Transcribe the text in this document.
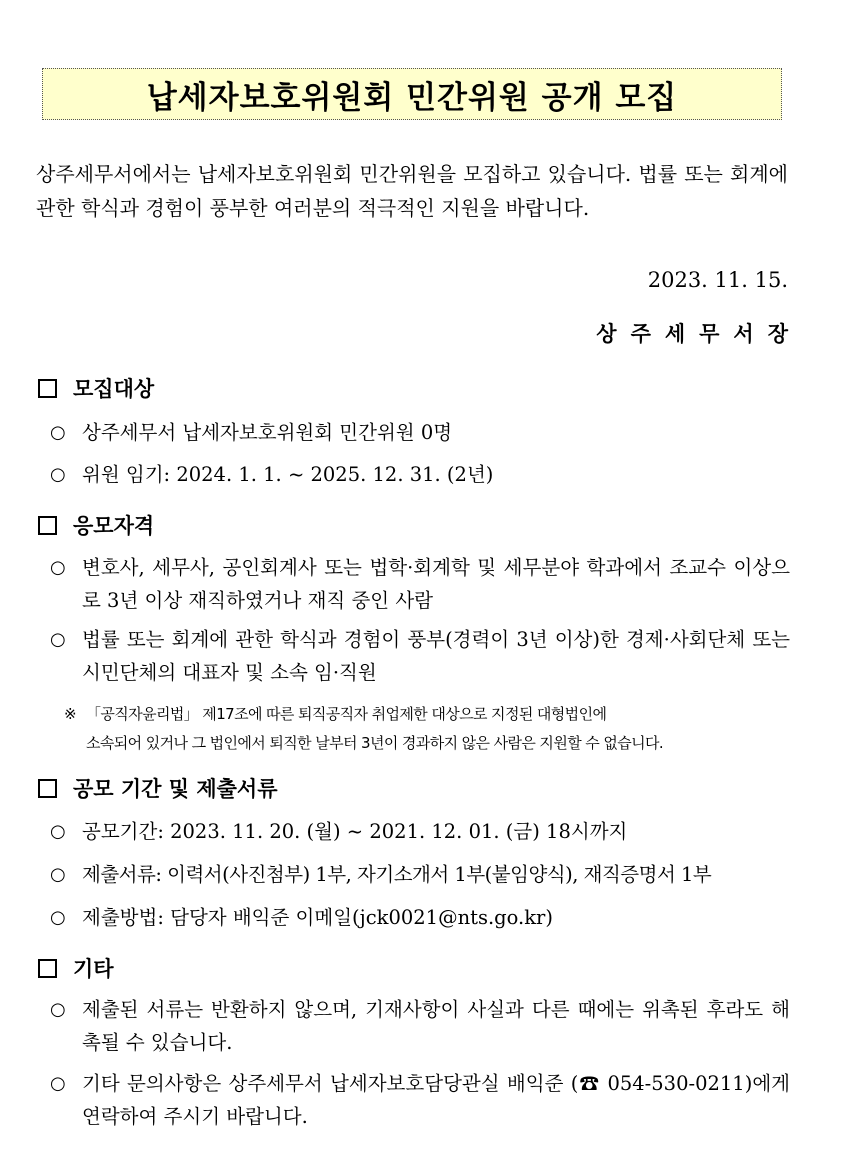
납세자보호위원회 민간위원 공개 모집

상주세무서에서는 납세자보호위원회 민간위원을 모집하고 있습니다. 법률 또는 회계에 관한 학식과 경험이 풍부한 여러분의 적극적인 지원을 바랍니다.

2023. 11. 15.
상주세무서장
모집대상
○ 상주세무서 납세자보호위원회 민간위원 0명
○ 위원 임기: 2024. 1. 1. ~ 2025. 12. 31. (2년)
응모자격
○ 변호사, 세무사, 공인회계사 또는 법학·회계학 및 세무분야 학과에서 조교수 이상으로 3년 이상 재직하였거나 재직 중인 사람
○ 법률 또는 회계에 관한 학식과 경험이 풍부(경력이 3년 이상)한 경제·사회단체 또는 시민단체의 대표자 및 소속 임·직원
※ 「공직자윤리법」 제17조에 따른 퇴직공직자 취업제한 대상으로 지정된 대형법인에
소속되어 있거나 그 법인에서 퇴직한 날부터 3년이 경과하지 않은 사람은 지원할 수 없습니다.
공모 기간 및 제출서류
○ 공모기간: 2023. 11. 20. (월) ~ 2021. 12. 01. (금) 18시까지
○ 제출서류: 이력서(사진첨부) 1부, 자기소개서 1부(붙임양식), 재직증명서 1부
○ 제출방법: 담당자 배익준 이메일(jck0021@nts.go.kr)
기타
○ 제출된 서류는 반환하지 않으며, 기재사항이 사실과 다른 때에는 위촉된 후라도 해촉될 수 있습니다.
○ 기타 문의사항은 상주세무서 납세자보호담당관실 배익준 (☎ 054-530-0211)에게 연락하여 주시기 바랍니다.
